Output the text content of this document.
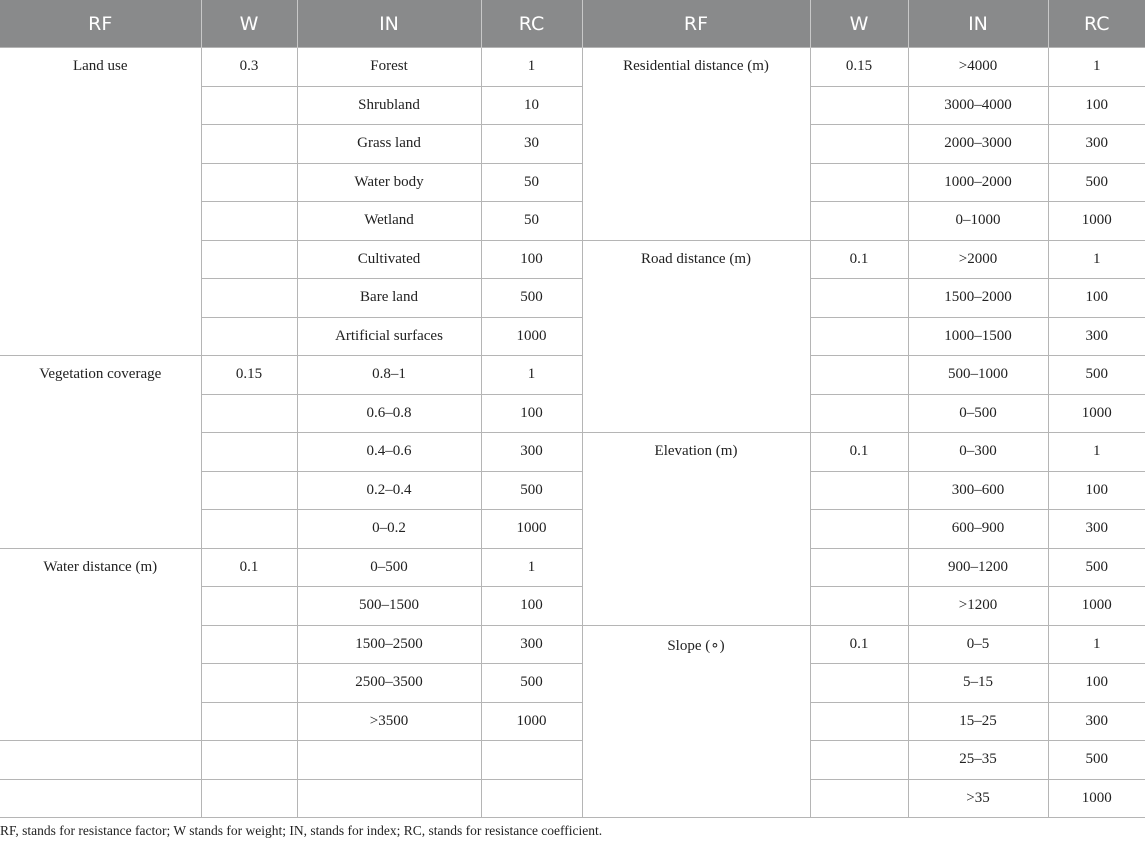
RF	W	IN	RC	RF	W	IN	RC
Land use	0.3	Forest	1	Residential distance (m)	0.15	>4000	1
		Shrubland	10			3000–4000	100
		Grass land	30			2000–3000	300
		Water body	50			1000–2000	500
		Wetland	50			0–1000	1000
		Cultivated	100	Road distance (m)	0.1	>2000	1
		Bare land	500			1500–2000	100
		Artificial surfaces	1000			1000–1500	300
Vegetation coverage	0.15	0.8–1	1			500–1000	500
		0.6–0.8	100			0–500	1000
		0.4–0.6	300	Elevation (m)	0.1	0–300	1
		0.2–0.4	500			300–600	100
		0–0.2	1000			600–900	300
Water distance (m)	0.1	0–500	1			900–1200	500
		500–1500	100			>1200	1000
		1500–2500	300	Slope (∘)	0.1	0–5	1
		2500–3500	500			5–15	100
		>3500	1000			15–25	300
						25–35	500
						>35	1000
RF, stands for resistance factor; W stands for weight; IN, stands for index; RC, stands for resistance coefficient.
